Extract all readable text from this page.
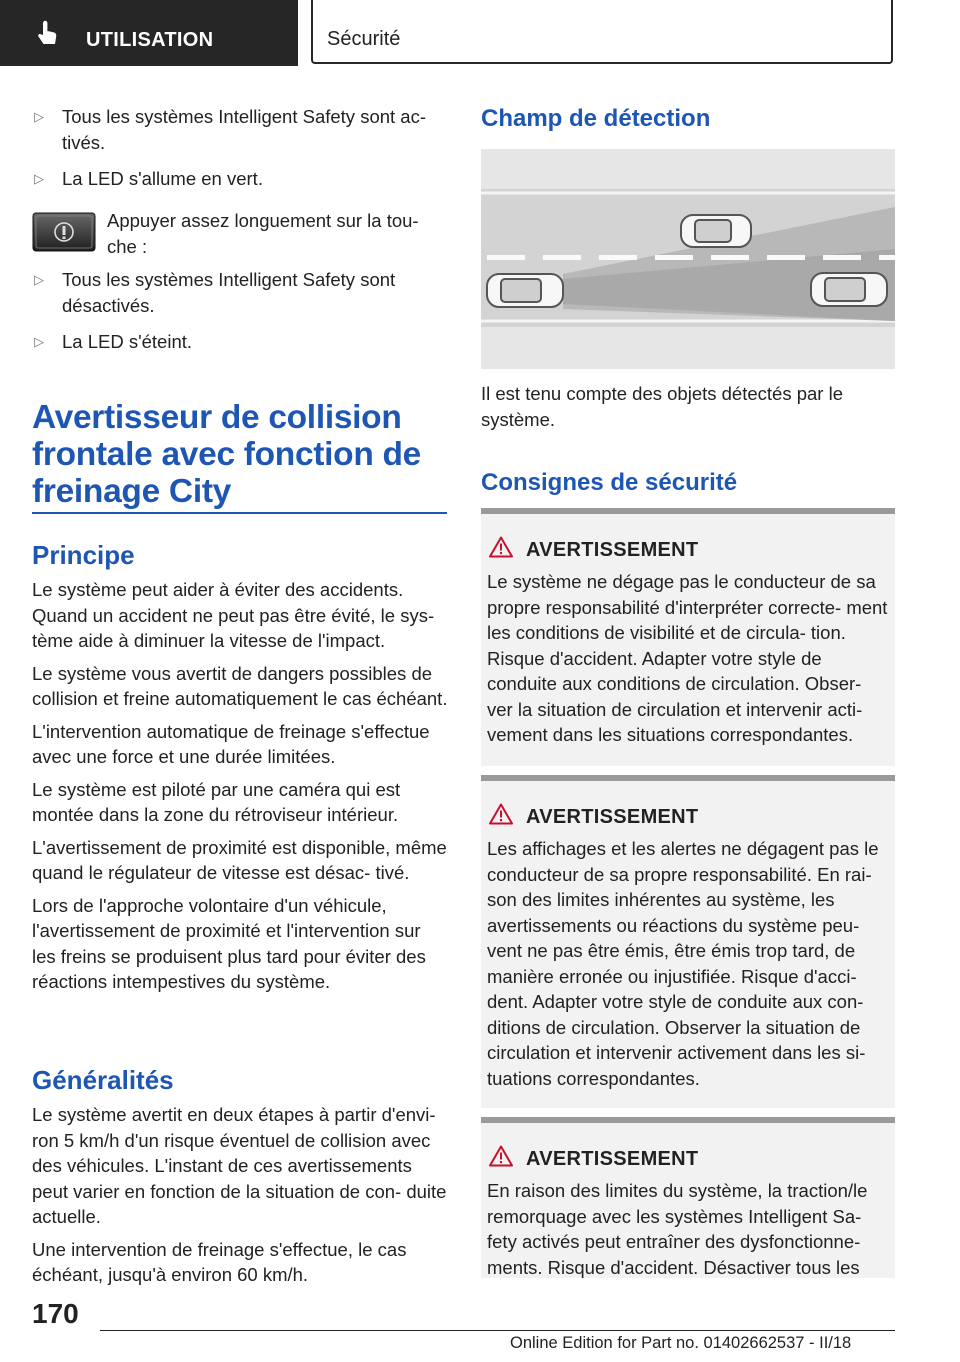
UTILISATION	Sécurité

▷ Tous les systèmes Intelligent Safety sont ac‐ tivés.

▷ La LED s'allume en vert.

Appuyer assez longuement sur la tou‐ che :

▷ Tous les systèmes Intelligent Safety sont désactivés.

▷ La LED s'éteint.

Avertisseur de collision frontale avec fonction de freinage City
Principe

Le système peut aider à éviter des accidents. Quand un accident ne peut pas être évité, le sys‐ tème aide à diminuer la vitesse de l'impact.

Le système vous avertit de dangers possibles de collision et freine automatiquement le cas échéant.

L'intervention automatique de freinage s'effectue avec une force et une durée limitées.

Le système est piloté par une caméra qui est montée dans la zone du rétroviseur intérieur.

L'avertissement de proximité est disponible, même quand le régulateur de vitesse est désac‐ tivé.

Lors de l'approche volontaire d'un véhicule, l'avertissement de proximité et l'intervention sur les freins se produisent plus tard pour éviter des réactions intempestives du système.

Généralités

Le système avertit en deux étapes à partir d'envi‐ ron 5 km/h d'un risque éventuel de collision avec des véhicules. L'instant de ces avertissements peut varier en fonction de la situation de con‐ duite actuelle.

Une intervention de freinage s'effectue, le cas échéant, jusqu'à environ 60 km/h.

Champ de détection
Il est tenu compte des objets détectés par le système.
Consignes de sécurité
AVERTISSEMENT
Le système ne dégage pas le conducteur de sa propre responsabilité d'interpréter correcte‐ ment les conditions de visibilité et de circula‐ tion. Risque d'accident. Adapter votre style de conduite aux conditions de circulation. Obser‐ ver la situation de circulation et intervenir acti‐ vement dans les situations correspondantes.
AVERTISSEMENT
Les affichages et les alertes ne dégagent pas le conducteur de sa propre responsabilité. En rai‐ son des limites inhérentes au système, les avertissements ou réactions du système peu‐ vent ne pas être émis, être émis trop tard, de manière erronée ou injustifiée. Risque d'acci‐ dent. Adapter votre style de conduite aux con‐ ditions de circulation. Observer la situation de circulation et intervenir activement dans les si‐ tuations correspondantes.
AVERTISSEMENT
En raison des limites du système, la traction/le remorquage avec les systèmes Intelligent Sa‐ fety activés peut entraîner des dysfonctionne‐ ments. Risque d'accident. Désactiver tous les
170
Online Edition for Part no. 01402662537 - II/18
